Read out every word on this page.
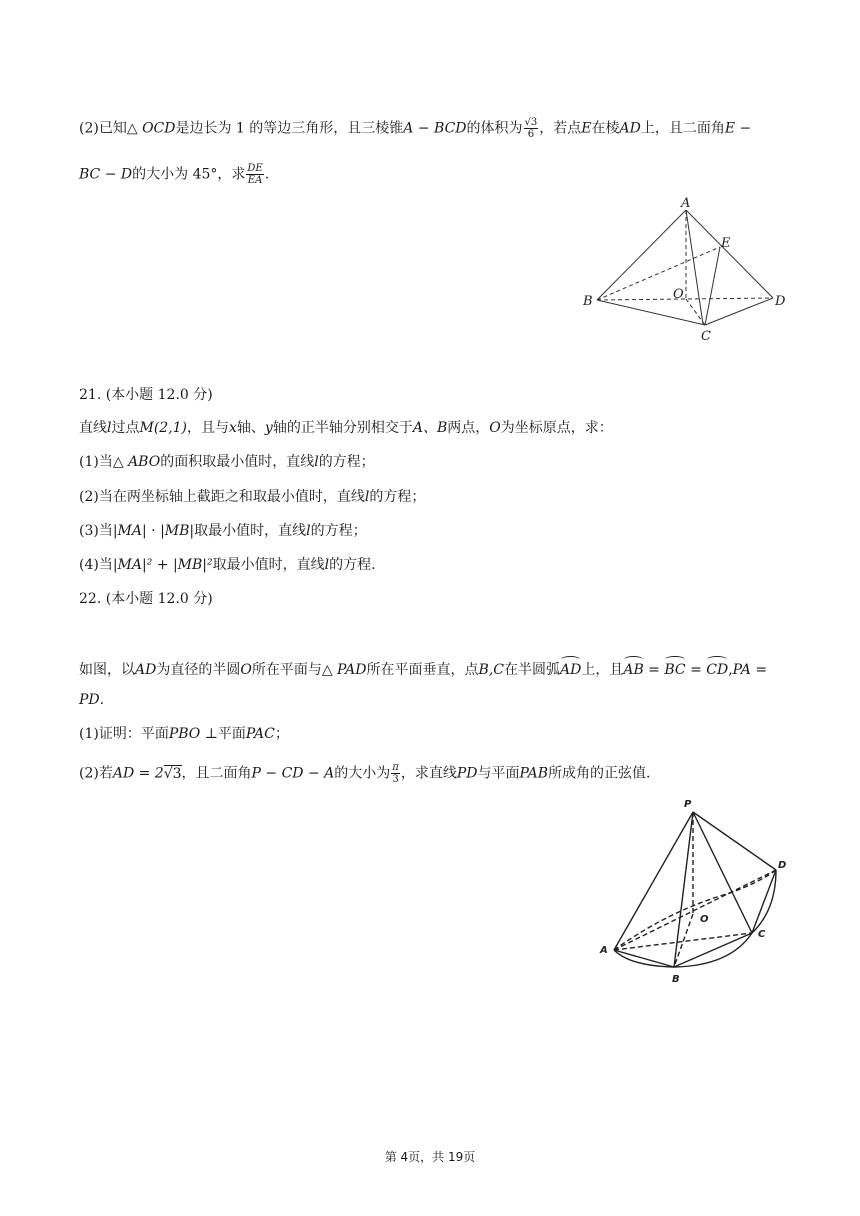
(2)已知△ OCD是边长为 1 的等边三角形，且三棱锥A − BCD的体积为 $\frac{√3}{6}$ ，若点E在棱AD上，且二面角E −
BC − D的大小为 45°，求 $\frac{DE}{EA}$ .
A
E
O
B	D
C
21. (本小题 12.0 分)
直线l过点M(2,1)，且与x轴、y轴的正半轴分别相交于A、B两点，O为坐标原点，求：
(1)当△ ABO的面积取最小值时，直线l的方程；
(2)当在两坐标轴上截距之和取最小值时，直线l的方程；
(3)当|MA| · |MB|取最小值时，直线l的方程；
(4)当|MA|² + |MB|²取最小值时，直线l的方程.
22. (本小题 12.0 分)
如图，以AD为直径的半圆O所在平面与△ PAD所在平面垂直，点B,C在半圆弧AD上，且AB = BC = CD,PA =
PD.
(1)证明：平面PBO ⊥平面PAC；
(2)若AD = 2√3，且二面角P − CD − A的大小为 $\frac{\pi}{3}$ ，求直线PD与平面PAB所成角的正弦值.
P
D
O
C
A
B
第 4页，共 19页
